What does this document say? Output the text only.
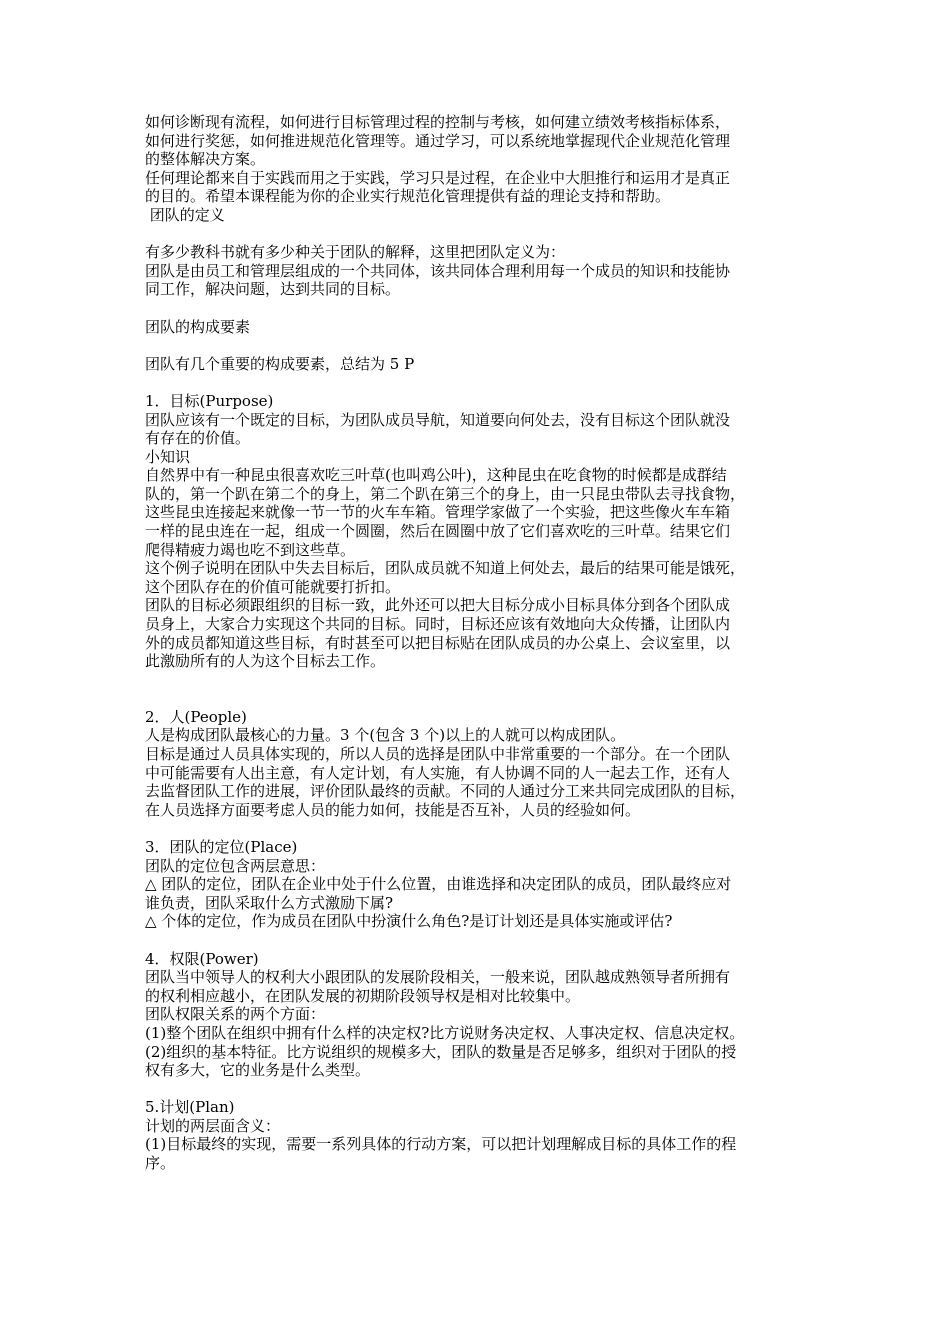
如何诊断现有流程，如何进行目标管理过程的控制与考核，如何建立绩效考核指标体系，
如何进行奖惩，如何推进规范化管理等。通过学习，可以系统地掌握现代企业规范化管理
的整体解决方案。
任何理论都来自于实践而用之于实践，学习只是过程，在企业中大胆推行和运用才是真正
的目的。希望本课程能为你的企业实行规范化管理提供有益的理论支持和帮助。
团队的定义
有多少教科书就有多少种关于团队的解释，这里把团队定义为：
团队是由员工和管理层组成的一个共同体，该共同体合理利用每一个成员的知识和技能协
同工作，解决问题，达到共同的目标。
团队的构成要素
团队有几个重要的构成要素，总结为 5 P
1．目标(Purpose)
团队应该有一个既定的目标，为团队成员导航，知道要向何处去，没有目标这个团队就没
有存在的价值。
小知识
自然界中有一种昆虫很喜欢吃三叶草(也叫鸡公叶)，这种昆虫在吃食物的时候都是成群结
队的，第一个趴在第二个的身上，第二个趴在第三个的身上，由一只昆虫带队去寻找食物，
这些昆虫连接起来就像一节一节的火车车箱。管理学家做了一个实验，把这些像火车车箱
一样的昆虫连在一起，组成一个圆圈，然后在圆圈中放了它们喜欢吃的三叶草。结果它们
爬得精疲力竭也吃不到这些草。
这个例子说明在团队中失去目标后，团队成员就不知道上何处去，最后的结果可能是饿死，
这个团队存在的价值可能就要打折扣。
团队的目标必须跟组织的目标一致，此外还可以把大目标分成小目标具体分到各个团队成
员身上，大家合力实现这个共同的目标。同时，目标还应该有效地向大众传播，让团队内
外的成员都知道这些目标，有时甚至可以把目标贴在团队成员的办公桌上、会议室里，以
此激励所有的人为这个目标去工作。
2．人(People)
人是构成团队最核心的力量。3 个(包含 3 个)以上的人就可以构成团队。
目标是通过人员具体实现的，所以人员的选择是团队中非常重要的一个部分。在一个团队
中可能需要有人出主意，有人定计划，有人实施，有人协调不同的人一起去工作，还有人
去监督团队工作的进展，评价团队最终的贡献。不同的人通过分工来共同完成团队的目标，
在人员选择方面要考虑人员的能力如何，技能是否互补，人员的经验如何。
3．团队的定位(Place)
团队的定位包含两层意思：
△ 团队的定位，团队在企业中处于什么位置，由谁选择和决定团队的成员，团队最终应对
谁负责，团队采取什么方式激励下属?
△ 个体的定位，作为成员在团队中扮演什么角色?是订计划还是具体实施或评估?
4．权限(Power)
团队当中领导人的权利大小跟团队的发展阶段相关，一般来说，团队越成熟领导者所拥有
的权利相应越小，在团队发展的初期阶段领导权是相对比较集中。
团队权限关系的两个方面：
(1)整个团队在组织中拥有什么样的决定权?比方说财务决定权、人事决定权、信息决定权。
(2)组织的基本特征。比方说组织的规模多大，团队的数量是否足够多，组织对于团队的授
权有多大，它的业务是什么类型。
5.计划(Plan)
计划的两层面含义：
(1)目标最终的实现，需要一系列具体的行动方案，可以把计划理解成目标的具体工作的程
序。
